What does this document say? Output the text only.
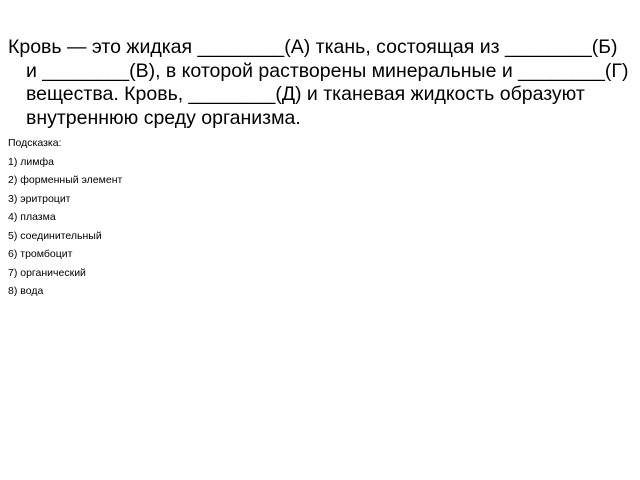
Кровь — это жидкая ________(А) ткань, состоящая из ________(Б)
и ________(В), в которой растворены минеральные и ________(Г)
вещества. Кровь, ________(Д) и тканевая жидкость образуют
внутреннюю среду организма.
Подсказка:
1) лимфа
2) форменный элемент
3) эритроцит
4) плазма
5) соединительный
6) тромбоцит
7) органический
8) вода
